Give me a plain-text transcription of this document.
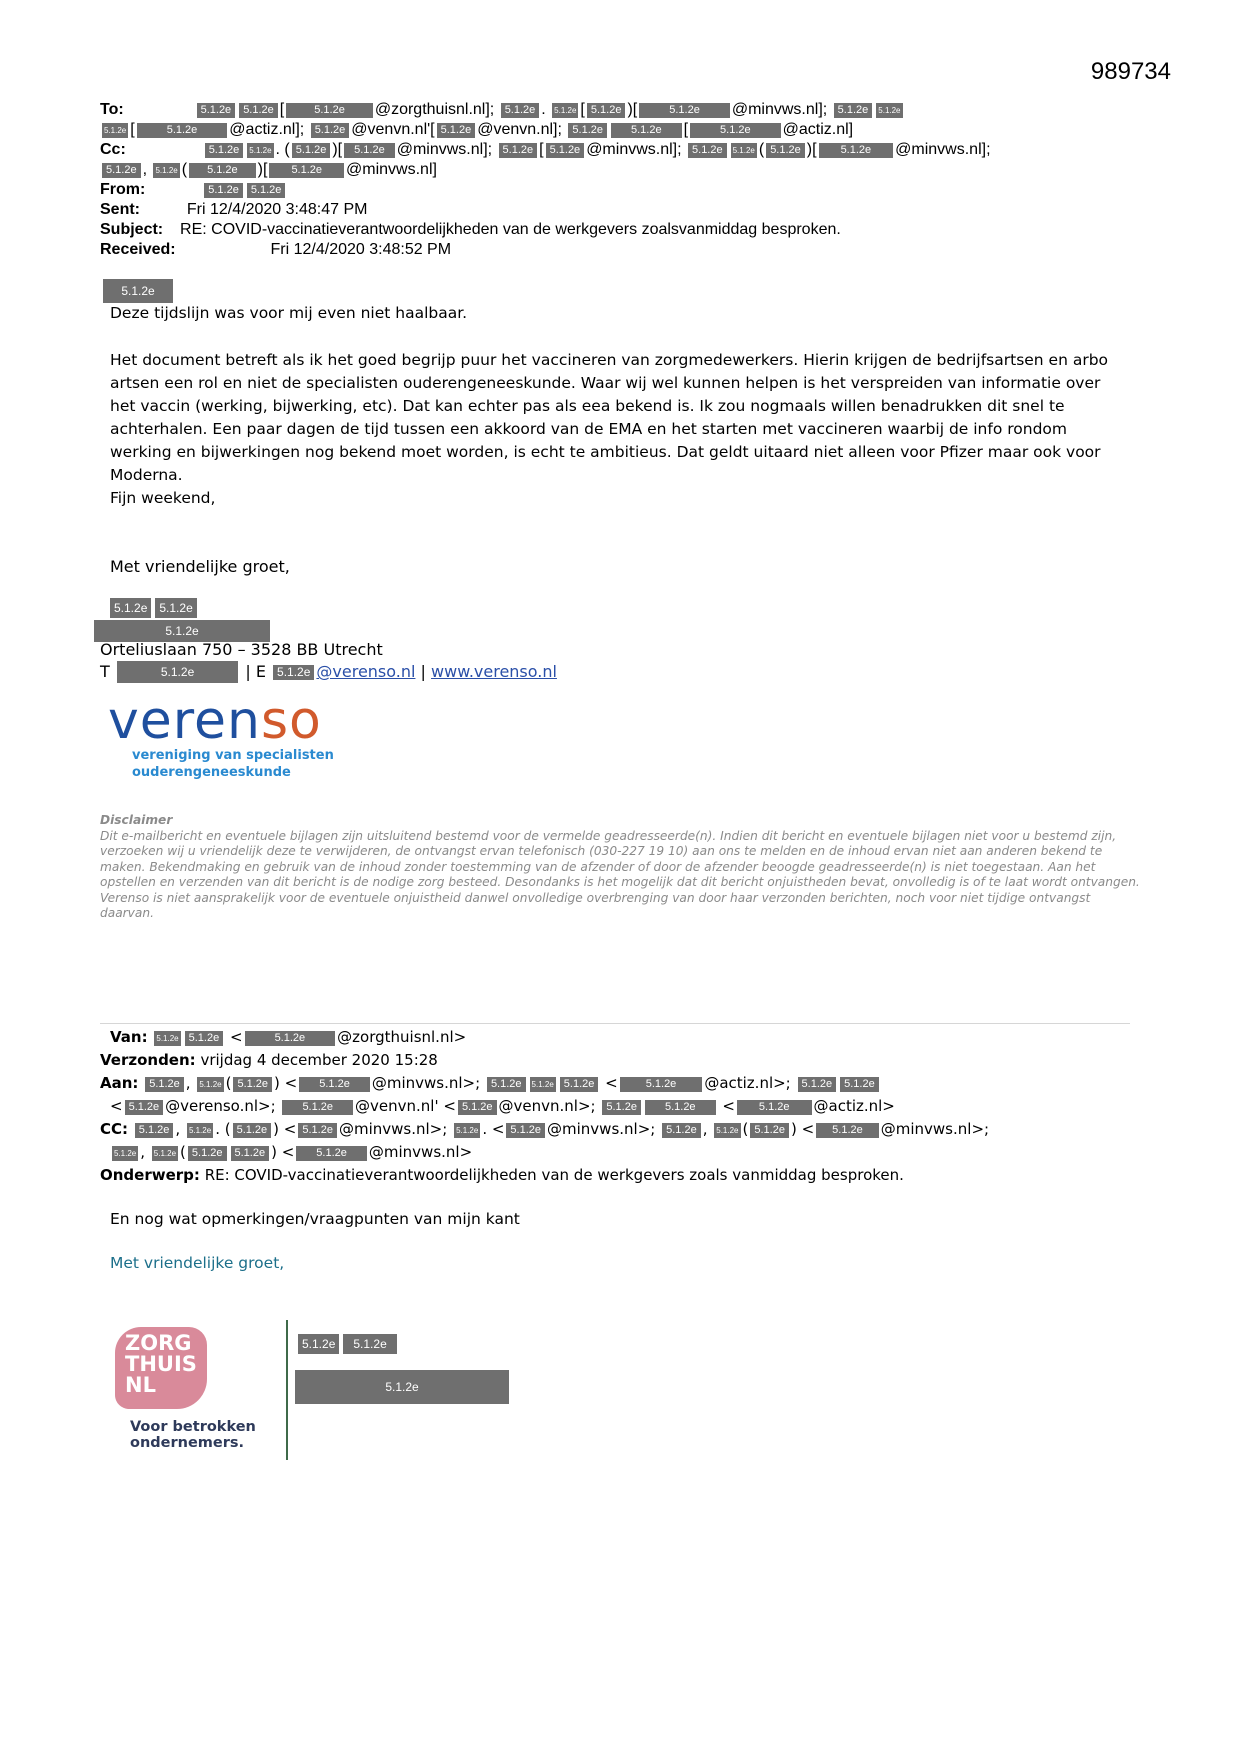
989734
To:	5.1.2e 5.1.2e [	5.1.2e @zorgthuisnl.nl]; 5.1.2e . 5.1.2e [ 5.1.2e )[	5.1.2e @minvws.nl]; 5.1.2e 5.1.2e
5.1.2e [	5.1.2e @actiz.nl]; 5.1.2e @venvn.nl'[ 5.1.2e @venvn.nl]; 5.1.2e	5.1.2e [	5.1.2e @actiz.nl]
Cc:	5.1.2e 5.1.2e . ( 5.1.2e )[ 5.1.2e @minvws.nl]; 5.1.2e [ 5.1.2e @minvws.nl]; 5.1.2e 5.1.2e ( 5.1.2e )[ 5.1.2e @minvws.nl];
5.1.2e , 5.1.2e ( 5.1.2e )[ 5.1.2e @minvws.nl]
From:	5.1.2e 5.1.2e
Sent:	Fri 12/4/2020 3:48:47 PM
Subject: RE: COVID-vaccinatieverantwoordelijkheden van de werkgevers zoalsvanmiddag besproken.
Received:	Fri 12/4/2020 3:48:52 PM
5.1.2e
Deze tijdslijn was voor mij even niet haalbaar.

Het document betreft als ik het goed begrijp puur het vaccineren van zorgmedewerkers. Hierin krijgen de bedrijfsartsen en arbo artsen een rol en niet de specialisten ouderengeneeskunde. Waar wij wel kunnen helpen is het verspreiden van informatie over het vaccin (werking, bijwerking, etc). Dat kan echter pas als eea bekend is. Ik zou nogmaals willen benadrukken dit snel te achterhalen. Een paar dagen de tijd tussen een akkoord van de EMA en het starten met vaccineren waarbij de info rondom werking en bijwerkingen nog bekend moet worden, is echt te ambitieus. Dat geldt uitaard niet alleen voor Pfizer maar ook voor Moderna.

Fijn weekend,
Met vriendelijke groet,
5.1.2e 5.1.2e
5.1.2e
Orteliuslaan 750 – 3528 BB Utrecht
T	5.1.2e	| E 5.1.2e @verenso.nl | www.verenso.nl
verenso
vereniging van specialisten
ouderengeneeskunde
Disclaimer
Dit e-mailbericht en eventuele bijlagen zijn uitsluitend bestemd voor de vermelde geadresseerde(n). Indien dit bericht en eventuele bijlagen niet voor u bestemd zijn, verzoeken wij u vriendelijk deze te verwijderen, de ontvangst ervan telefonisch (030-227 19 10) aan ons te melden en de inhoud ervan niet aan anderen bekend te maken. Bekendmaking en gebruik van de inhoud zonder toestemming van de afzender of door de afzender beoogde geadresseerde(n) is niet toegestaan. Aan het opstellen en verzenden van dit bericht is de nodige zorg besteed. Desondanks is het mogelijk dat dit bericht onjuistheden bevat, onvolledig is of te laat wordt ontvangen. Verenso is niet aansprakelijk voor de eventuele onjuistheid danwel onvolledige overbrenging van door haar verzonden berichten, noch voor niet tijdige ontvangst daarvan.
Van: 5.1.2e 5.1.2e <	5.1.2e @zorgthuisnl.nl>
Verzonden: vrijdag 4 december 2020 15:28
Aan: 5.1.2e , 5.1.2e ( 5.1.2e ) < 5.1.2e @minvws.nl>; 5.1.2e 5.1.2e 5.1.2e <	5.1.2e @actiz.nl>; 5.1.2e 5.1.2e
< 5.1.2e @verenso.nl>; 5.1.2e @venvn.nl' < 5.1.2e @venvn.nl>; 5.1.2e	5.1.2e < 5.1.2e @actiz.nl>
CC: 5.1.2e , 5.1.2e . ( 5.1.2e ) < 5.1.2e @minvws.nl>; 5.1.2e . < 5.1.2e @minvws.nl>; 5.1.2e , 5.1.2e ( 5.1.2e ) < 5.1.2e @minvws.nl>;
5.1.2e , 5.1.2e ( 5.1.2e 5.1.2e ) < 5.1.2e @minvws.nl>
Onderwerp: RE: COVID-vaccinatieverantwoordelijkheden van de werkgevers zoals vanmiddag besproken.
En nog wat opmerkingen/vraagpunten van mijn kant
Met vriendelijke groet,
ZORG
THUIS
NL
Voor betrokken
ondernemers.
5.1.2e 5.1.2e
5.1.2e
